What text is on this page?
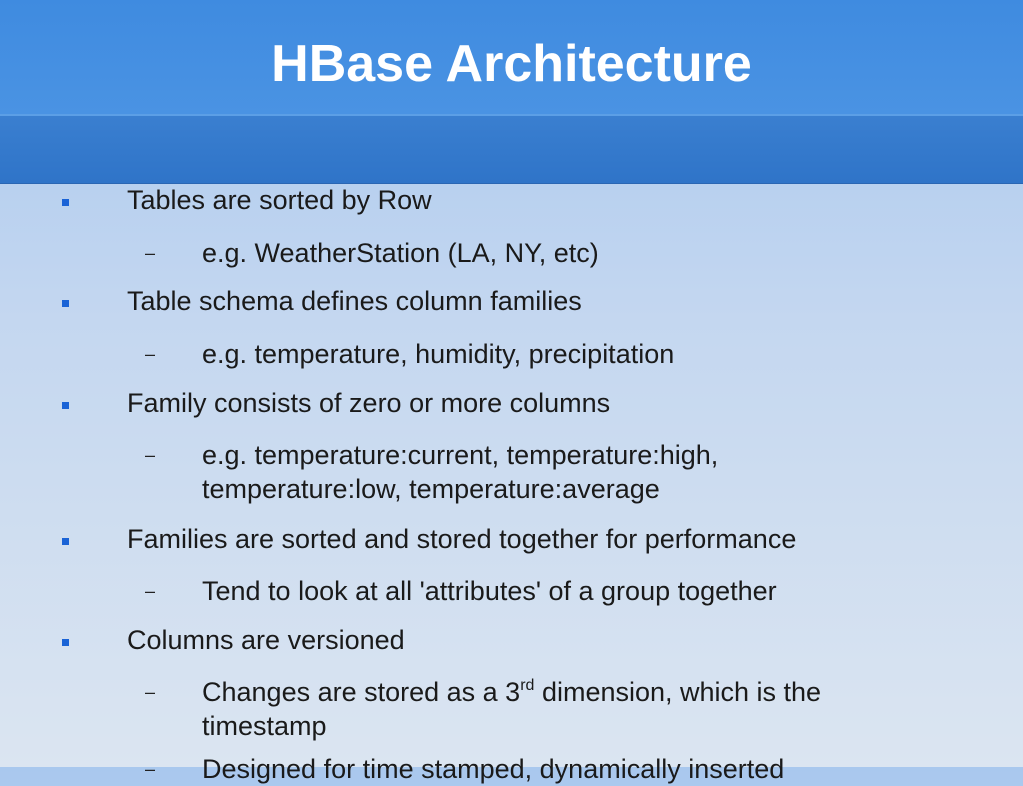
HBase Architecture
Tables are sorted by Row
– e.g. WeatherStation (LA, NY, etc)
Table schema defines column families
– e.g. temperature, humidity, precipitation
Family consists of zero or more columns
– e.g. temperature:current, temperature:high, temperature:low, temperature:average
Families are sorted and stored together for performance
– Tend to look at all 'attributes' of a group together
Columns are versioned
– Changes are stored as a 3rd dimension, which is the timestamp
– Designed for time stamped, dynamically inserted
